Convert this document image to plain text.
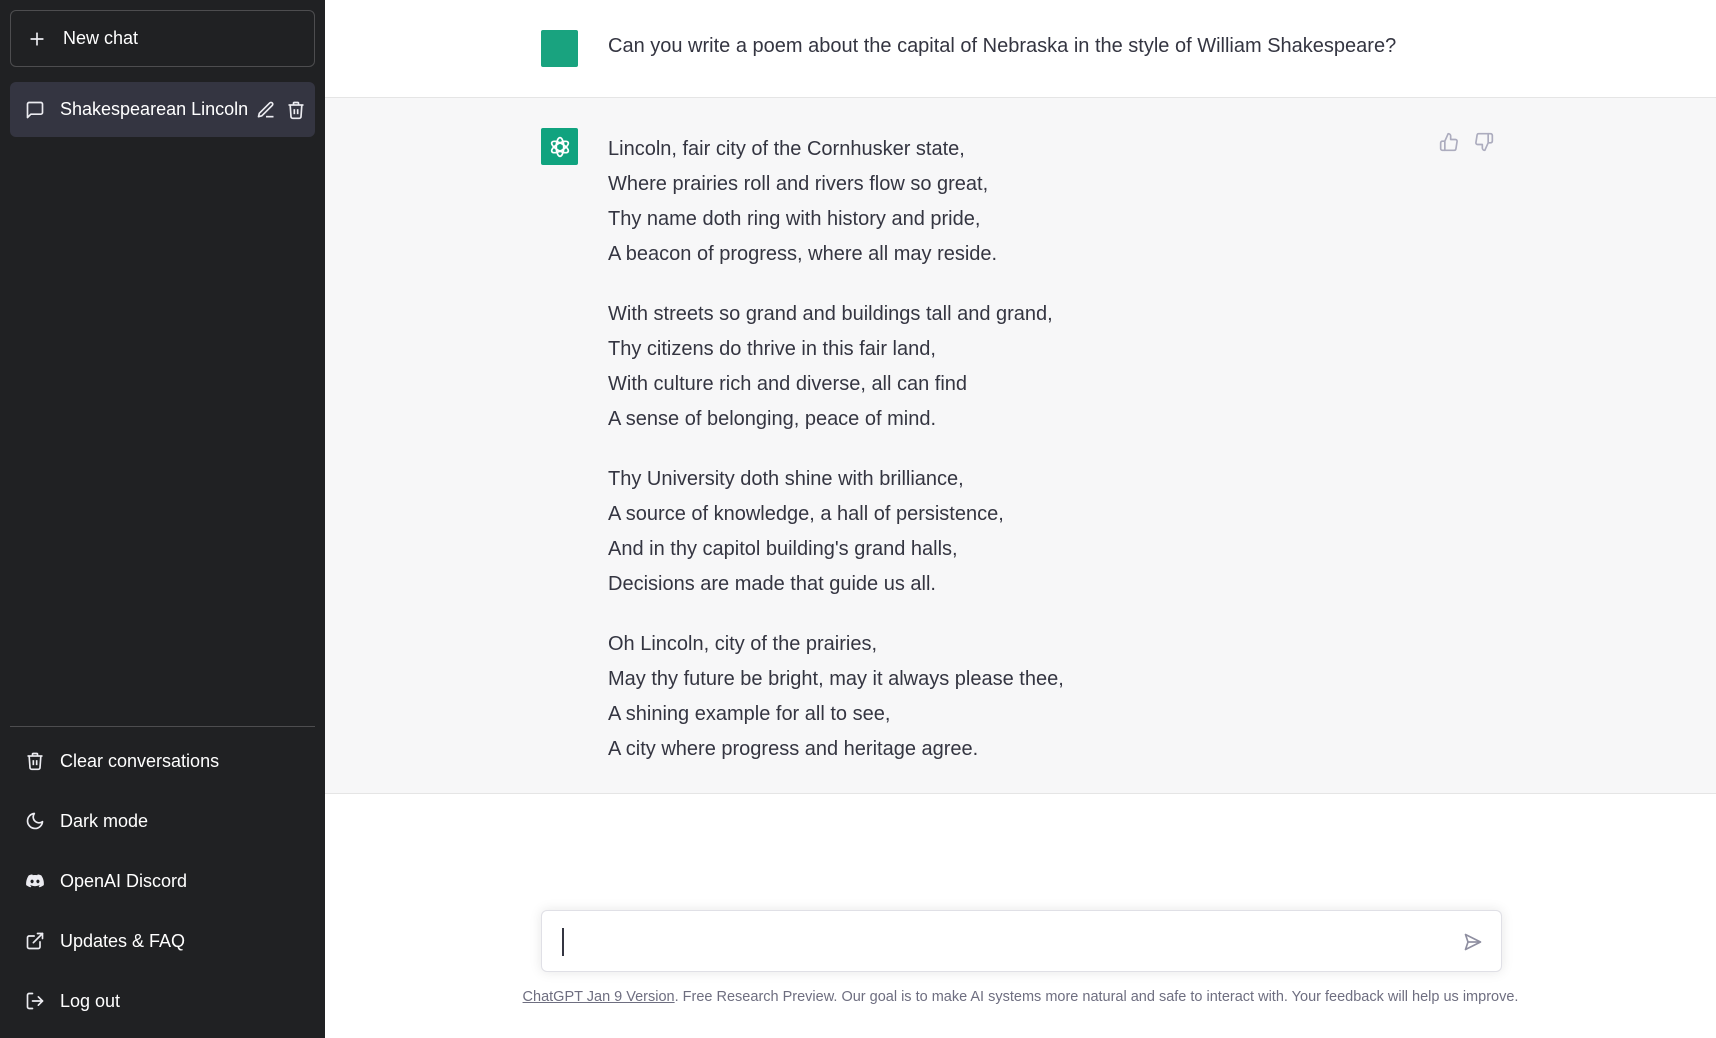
New chat
Shakespearean Lincoln
Clear conversations
Dark mode
OpenAI Discord
Updates & FAQ
Log out
Can you write a poem about the capital of Nebraska in the style of William Shakespeare?
Lincoln, fair city of the Cornhusker state,
Where prairies roll and rivers flow so great,
Thy name doth ring with history and pride,
A beacon of progress, where all may reside.
With streets so grand and buildings tall and grand,
Thy citizens do thrive in this fair land,
With culture rich and diverse, all can find
A sense of belonging, peace of mind.
Thy University doth shine with brilliance,
A source of knowledge, a hall of persistence,
And in thy capitol building's grand halls,
Decisions are made that guide us all.
Oh Lincoln, city of the prairies,
May thy future be bright, may it always please thee,
A shining example for all to see,
A city where progress and heritage agree.
ChatGPT Jan 9 Version. Free Research Preview. Our goal is to make AI systems more natural and safe to interact with. Your feedback will help us improve.
